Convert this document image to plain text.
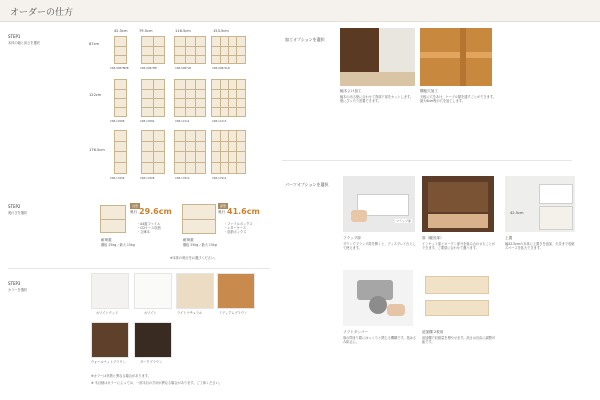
オーダーの仕方
STEP1
本体の幅と高さを選択
42.5cm	79.5cm	116.5cm	153.5cm
87cm
122cm
176.5cm
CSB-9087BMB	CSB-9087MB	CSB-9087LB	CSB-9087XLB
CSB-12088	CSB-12082	CSB-12112	CSB-12113
CSB-17608	CSB-17608	CSB-17610	CSB-17612
STEP2
奥行きを選択
浅型
奥行 29.6cm
・A4縦ファイル
・CDケース収納
・文庫本
耐荷重
棚板 25kg／最大 15kg
深型
奥行 41.6cm
・ファイルボックス
・レターケース
・収納ボックス
耐荷重
棚板 25kg／最大 15kg
※本体の奥行をお選びください。
STEP3
カラーを選択
ホワイトウッド	ホワイト	ライトナチュラル	ミディアムブラウン
ウォールナットブラウン	ダークブラウン
※カラーは実物と異なる場合があります。
※ 木目柄はカラーによっては、一部木目の方向が異なる場合があります。ご了承ください。
加工オプションを選択
幅木よけ加工
幅木の出る壁に合わせて背面下部をカットします。壁にぴったり設置できます。
棚板穴加工
天板に穴をあけ、ケーブル類を通すことができます。最大6cm程の穴を加工します。
パーツオプションを選択
フラップ扉
42.5cm
フラップ扉
ダウンでフラップ扉を開くと、ディスプレイ台として使えます。
扉（観音扉）
インセット扉とオープン部分を組み合わせることができます。ご要望に合わせて選べます。
上置
幅42.5cmの本体に上置きを追加、天井まで収納スペースを拡大できます。
ソフトダンパー
扉の閉まり際にゆっくりと閉じる機構です。指はさみ防止に。
追加棚 2枚用
追加棚で収納量を増やせます。高さは自由に調整可能です。
